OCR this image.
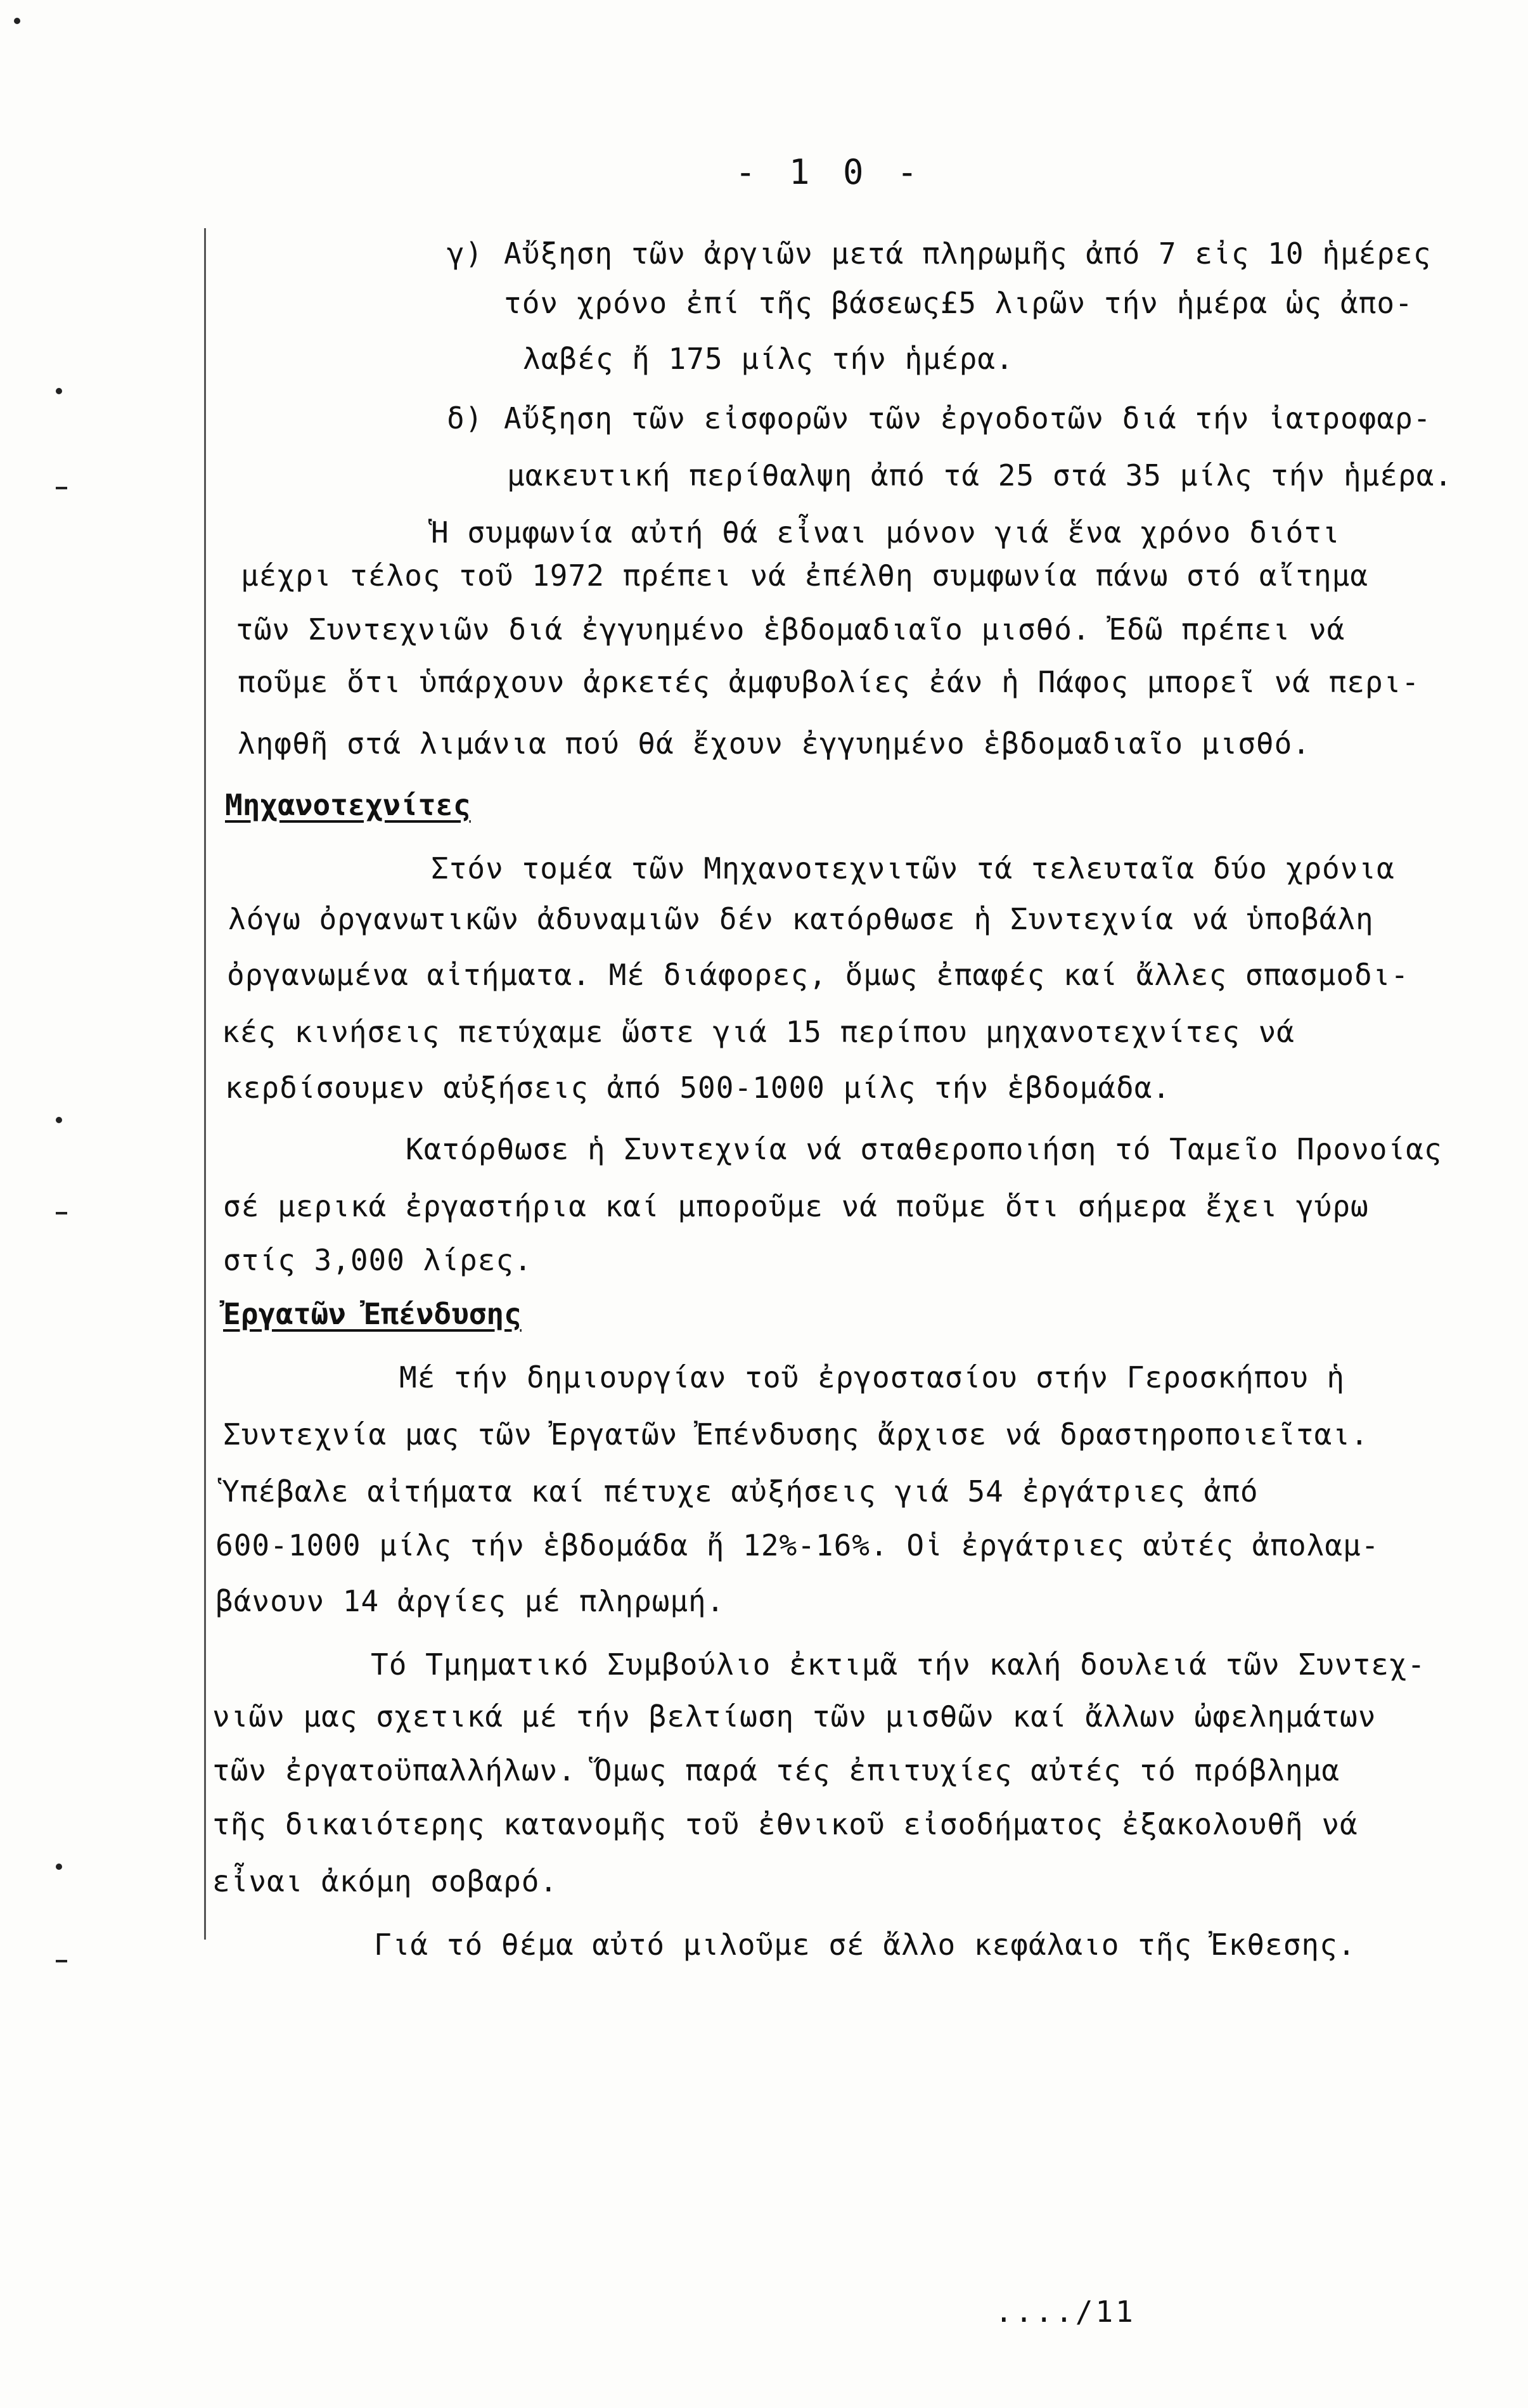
- 1 0 -
γ) Αὔξηση τῶν ἀργιῶν μετά πληρωμῆς ἀπό 7 εἰς 10 ἡμέρες
τόν χρόνο ἐπί τῆς βάσεως£5 λιρῶν τήν ἡμέρα ὡς ἀπο-
λαβές ἤ 175 μίλς τήν ἡμέρα.
δ) Αὔξηση τῶν εἰσφορῶν τῶν ἐργοδοτῶν διά τήν ἰατροφαρ-
μακευτική περίθαλψη ἀπό τά 25 στά 35 μίλς τήν ἡμέρα.
Ἡ συμφωνία αὐτή θά εἶναι μόνον γιά ἕνα χρόνο διότι
μέχρι τέλος τοῦ 1972 πρέπει νά ἐπέλθη συμφωνία πάνω στό αἴτημα
τῶν Συντεχνιῶν διά ἐγγυημένο ἑβδομαδιαῖο μισθό. Ἐδῶ πρέπει νά
ποῦμε ὅτι ὑπάρχουν ἀρκετές ἀμφυβολίες ἐάν ἡ Πάφος μπορεῖ νά περι-
ληφθῆ στά λιμάνια πού θά ἔχουν ἐγγυημένο ἑβδομαδιαῖο μισθό.
Μηχανοτεχνίτες
Στόν τομέα τῶν Μηχανοτεχνιτῶν τά τελευταῖα δύο χρόνια
λόγω ὀργανωτικῶν ἀδυναμιῶν δέν κατόρθωσε ἡ Συντεχνία νά ὑποβάλη
ὀργανωμένα αἰτήματα. Μέ διάφορες, ὅμως ἐπαφές καί ἄλλες σπασμοδι-
κές κινήσεις πετύχαμε ὥστε γιά 15 περίπου μηχανοτεχνίτες νά
κερδίσουμεν αὐξήσεις ἀπό 500-1000 μίλς τήν ἑβδομάδα.
Κατόρθωσε ἡ Συντεχνία νά σταθεροποιήση τό Ταμεῖο Προνοίας
σέ μερικά ἐργαστήρια καί μποροῦμε νά ποῦμε ὅτι σήμερα ἔχει γύρω
στίς 3,000 λίρες.
Ἐργατῶν Ἐπένδυσης
Μέ τήν δημιουργίαν τοῦ ἐργοστασίου στήν Γεροσκήπου ἡ
Συντεχνία μας τῶν Ἐργατῶν Ἐπένδυσης ἄρχισε νά δραστηροποιεῖται.
Ὑπέβαλε αἰτήματα καί πέτυχε αὐξήσεις γιά 54 ἐργάτριες ἀπό
600-1000 μίλς τήν ἑβδομάδα ἤ 12%-16%. Οἱ ἐργάτριες αὐτές ἀπολαμ-
βάνουν 14 ἀργίες μέ πληρωμή.
Τό Τμηματικό Συμβούλιο ἐκτιμᾶ τήν καλή δουλειά τῶν Συντεχ-
νιῶν μας σχετικά μέ τήν βελτίωση τῶν μισθῶν καί ἄλλων ὠφελημάτων
τῶν ἐργατοϋπαλλήλων. Ὅμως παρά τές ἐπιτυχίες αὐτές τό πρόβλημα
τῆς δικαιότερης κατανομῆς τοῦ ἐθνικοῦ εἰσοδήματος ἐξακολουθῆ νά
εἶναι ἀκόμη σοβαρό.
Γιά τό θέμα αὐτό μιλοῦμε σέ ἄλλο κεφάλαιο τῆς Ἐκθεσης.
..../11
